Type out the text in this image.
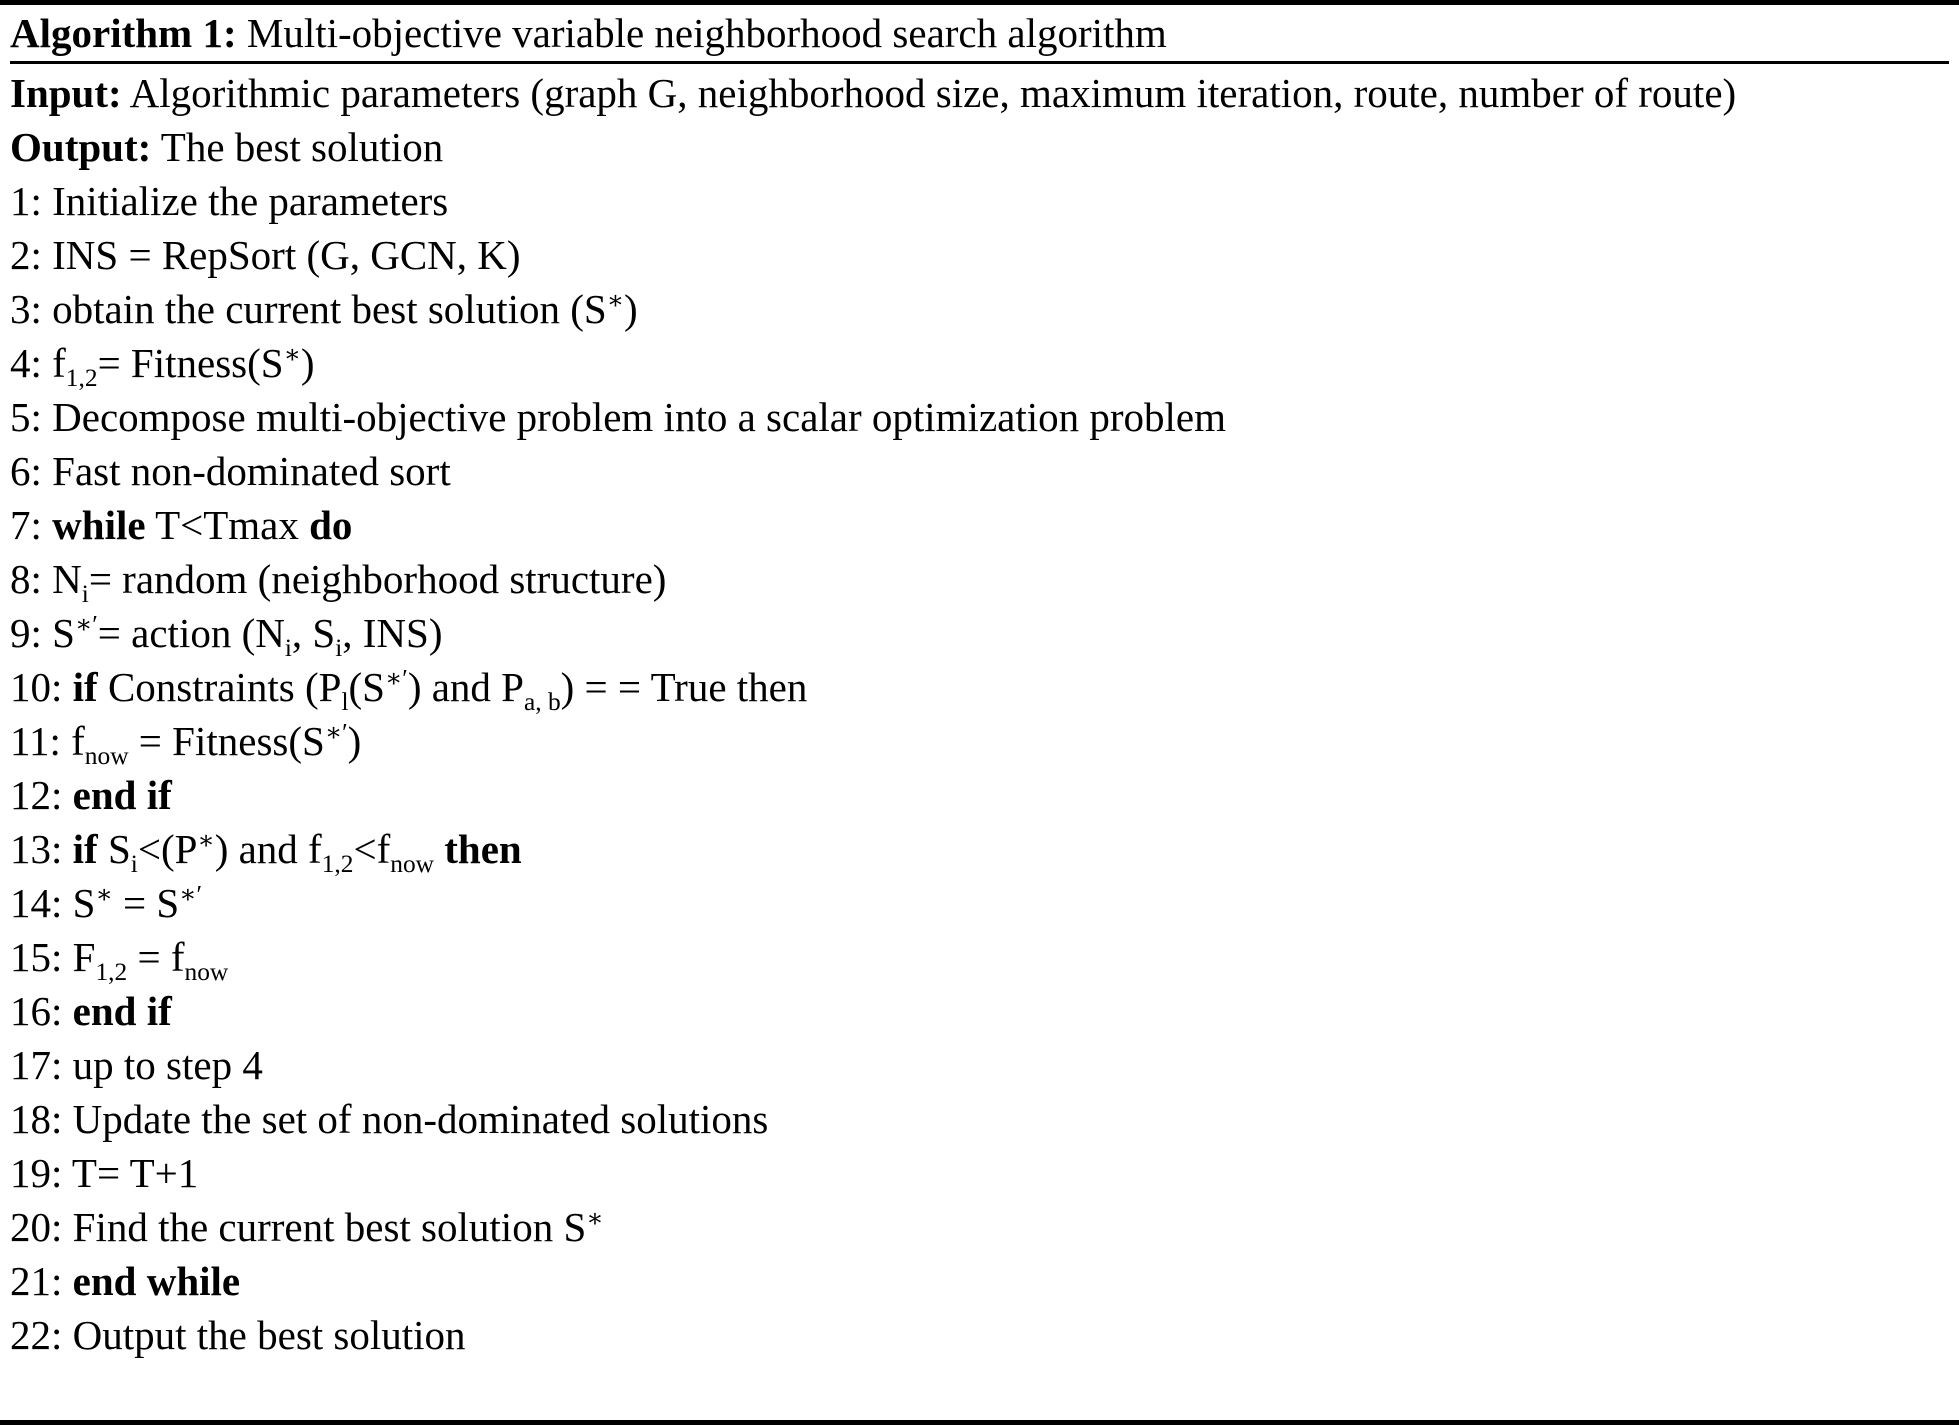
Algorithm 1: Multi-objective variable neighborhood search algorithm
Input: Algorithmic parameters (graph G, neighborhood size, maximum iteration, route, number of route)
Output: The best solution
1: Initialize the parameters
2: INS = RepSort (G, GCN, K)
3: obtain the current best solution (S∗)
4: $f_{1,2}=$ Fitness(S∗)
5: Decompose multi-objective problem into a scalar optimization problem
6: Fast non-dominated sort
7: while T<Tmax do
8: $N_i=$ random (neighborhood structure)
9: S∗′= action ($N_i$, $S_i$, INS)
10: if Constraints ($P_l(S^{∗'})$ and $P_{a, b}$) = = True then
11: $f_{now}$ = Fitness(S∗′)
12: end if
13: if $S_i<(P^∗)$ and $f_{1,2}<f_{now}$ then
14: S∗ = S∗′
15: $F_{1,2} = f_{now}$
16: end if
17: up to step 4
18: Update the set of non-dominated solutions
19: T= T+1
20: Find the current best solution S∗
21: end while
22: Output the best solution
